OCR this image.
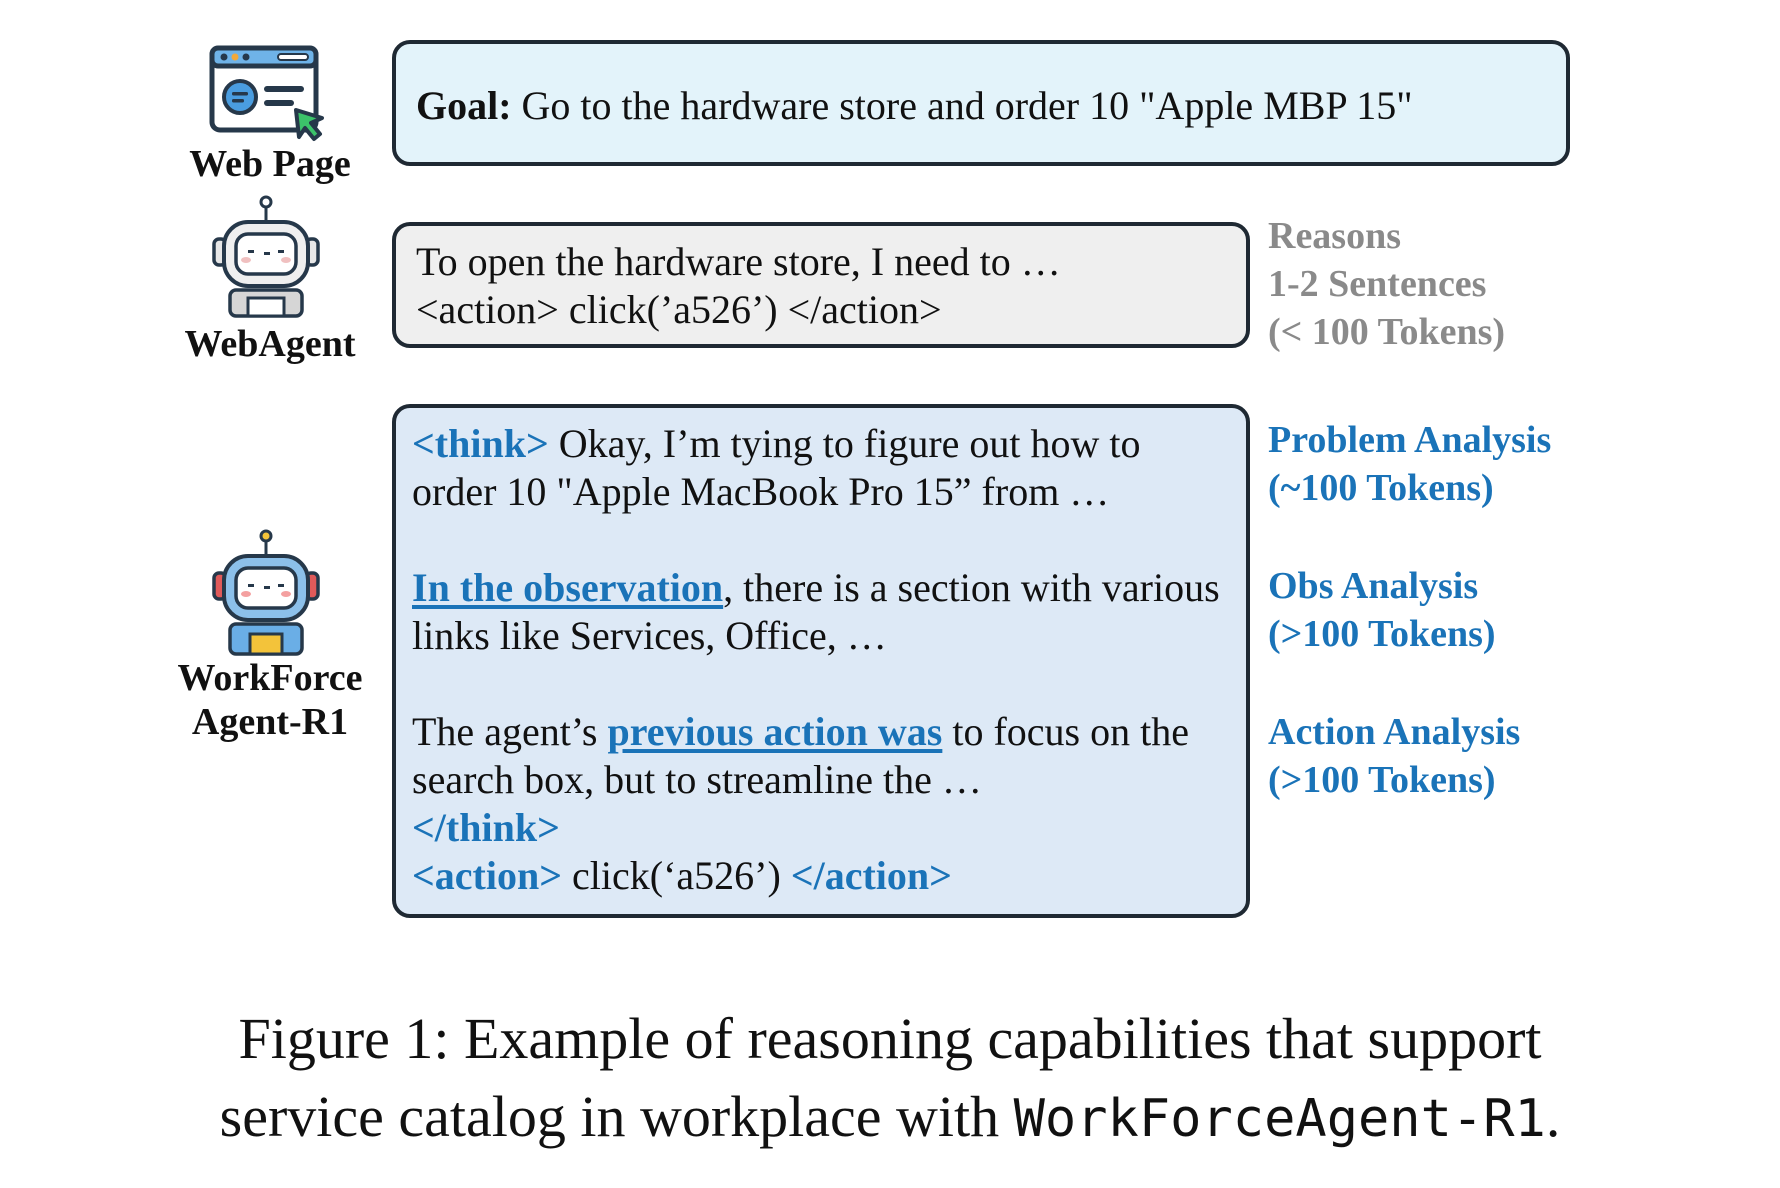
Web Page
WebAgent
WorkForce
Agent-R1
Goal: Go to the hardware store and order 10 "Apple MBP 15"
To open the hardware store, I need to …
<action> click(’a526’) </action>

<think> Okay, I’m tying to figure out how to order 10 "Apple MacBook Pro 15” from …

In the observation, there is a section with various links like Services, Office, …

The agent’s previous action was to focus on the search box, but to streamline the …

</think>

<action> click(‘a526’) </action>

Reasons
1-2 Sentences
(< 100 Tokens)
Problem Analysis
(~100 Tokens)
Obs Analysis
(>100 Tokens)
Action Analysis
(>100 Tokens)
Figure 1: Example of reasoning capabilities that support
service catalog in workplace with WorkForceAgent-R1.
